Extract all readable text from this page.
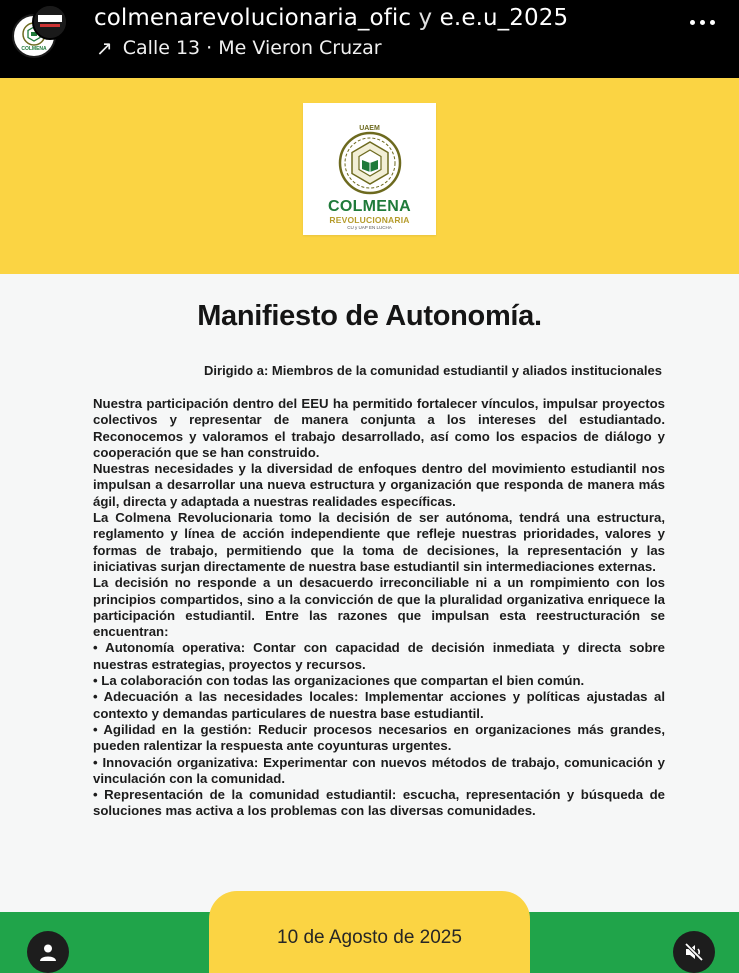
COLMENA
colmenarevolucionaria_ofic y e.e.u_2025
↗ Calle 13 · Me Vieron Cruzar
UAEM
COLMENA
REVOLUCIONARIA
CU y UAP EN LUCHA
Manifiesto de Autonomía.
Dirigido a: Miembros de la comunidad estudiantil y aliados institucionales

Nuestra participación dentro del EEU ha permitido fortalecer vínculos, impulsar proyectos colectivos y representar de manera conjunta a los intereses del estudiantado. Reconocemos y valoramos el trabajo desarrollado, así como los espacios de diálogo y cooperación que se han construido.

Nuestras necesidades y la diversidad de enfoques dentro del movimiento estudiantil nos impulsan a desarrollar una nueva estructura y organización que responda de manera más ágil, directa y adaptada a nuestras realidades específicas.

La Colmena Revolucionaria tomo la decisión de ser autónoma, tendrá una estructura, reglamento y línea de acción independiente que refleje nuestras prioridades, valores y formas de trabajo, permitiendo que la toma de decisiones, la representación y las iniciativas surjan directamente de nuestra base estudiantil sin intermediaciones externas.

La decisión no responde a un desacuerdo irreconciliable ni a un rompimiento con los principios compartidos, sino a la convicción de que la pluralidad organizativa enriquece la participación estudiantil. Entre las razones que impulsan esta reestructuración se encuentran:

• Autonomía operativa: Contar con capacidad de decisión inmediata y directa sobre nuestras estrategias, proyectos y recursos.

• La colaboración con todas las organizaciones que compartan el bien común.

• Adecuación a las necesidades locales: Implementar acciones y políticas ajustadas al contexto y demandas particulares de nuestra base estudiantil.

• Agilidad en la gestión: Reducir procesos necesarios en organizaciones más grandes, pueden ralentizar la respuesta ante coyunturas urgentes.

• Innovación organizativa: Experimentar con nuevos métodos de trabajo, comunicación y vinculación con la comunidad.

• Representación de la comunidad estudiantil: escucha, representación y búsqueda de soluciones mas activa a los problemas con las diversas comunidades.

10 de Agosto de 2025
